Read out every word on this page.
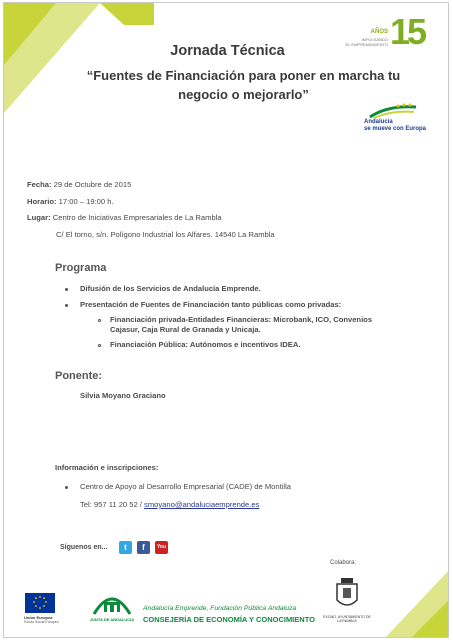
AÑOS
IMPULSANDO
EL EMPRENDIMIENTO 15
Jornada Técnica
“Fuentes de Financiación para poner en marcha tu negocio o mejorarlo”
Andalucía
se mueve con Europa
Fecha: 29 de Octubre de 2015
Horario: 17:00 – 19:00 h.
Lugar: Centro de Iniciativas Empresariales de La Rambla
C/ El torno, s/n. Polígono Industrial los Alfares. 14540 La Rambla
Programa
Difusión de los Servicios de Andalucía Emprende.
Presentación de Fuentes de Financiación tanto públicas como privadas:
Financiación privada-Entidades Financieras: Microbank, ICO, Convenios
Cajasur, Caja Rural de Granada y Unicaja.
Financiación Pública: Autónomos e incentivos IDEA.
Ponente:
Silvia Moyano Graciano
Información e inscripciones:
Centro de Apoyo al Desarrollo Empresarial (CADE) de Montilla
Tel: 957 11 20 52 / smoyano@andaluciaemprende.es
Síguenos en...	t	f	You
Colabora:
Unión Europea
Fondo Social Europeo	JUNTA DE ANDALUCIA
Andalucía Emprende, Fundación Pública Andaluza
CONSEJERÍA DE ECONOMÍA Y CONOCIMIENTO	EXCMO. AYUNTAMIENTO DE LA RAMBLA
